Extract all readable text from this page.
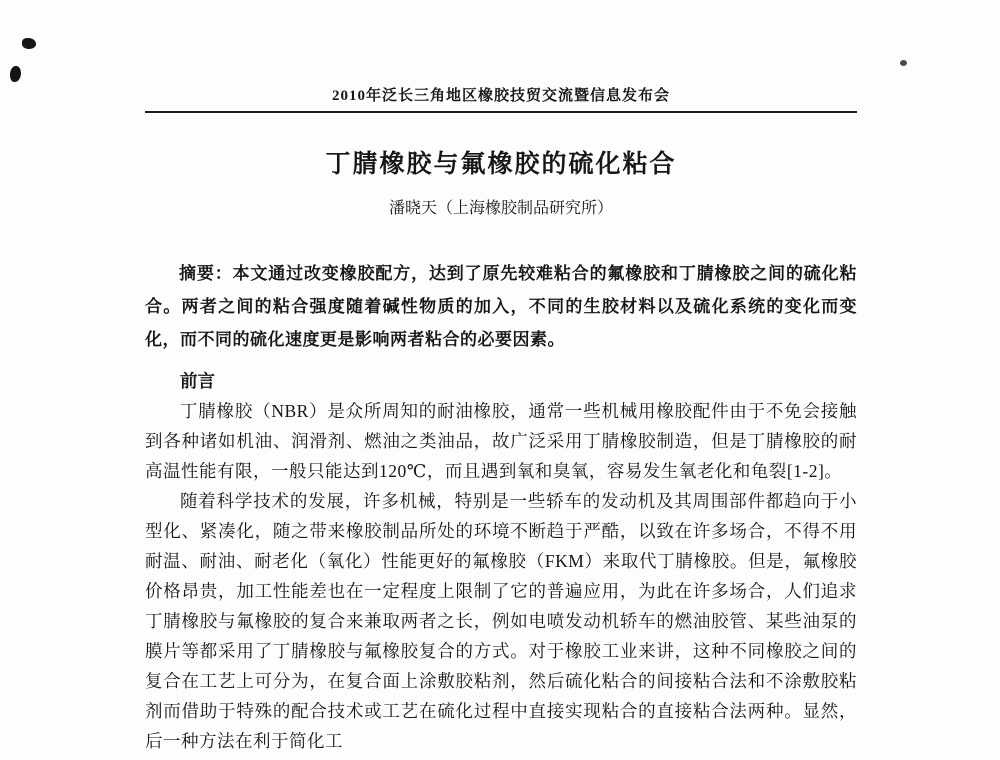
2010年泛长三角地区橡胶技贸交流暨信息发布会
丁腈橡胶与氟橡胶的硫化粘合
潘晓天（上海橡胶制品研究所）

摘要：本文通过改变橡胶配方，达到了原先较难粘合的氟橡胶和丁腈橡胶之间的硫化粘合。两者之间的粘合强度随着碱性物质的加入，不同的生胶材料以及硫化系统的变化而变化，而不同的硫化速度更是影响两者粘合的必要因素。

前言

丁腈橡胶（NBR）是众所周知的耐油橡胶，通常一些机械用橡胶配件由于不免会接触到各种诸如机油、润滑剂、燃油之类油品，故广泛采用丁腈橡胶制造，但是丁腈橡胶的耐高温性能有限，一般只能达到120℃，而且遇到氧和臭氧，容易发生氧老化和龟裂[1-2]。

随着科学技术的发展，许多机械，特别是一些轿车的发动机及其周围部件都趋向于小型化、紧凑化，随之带来橡胶制品所处的环境不断趋于严酷，以致在许多场合，不得不用耐温、耐油、耐老化（氧化）性能更好的氟橡胶（FKM）来取代丁腈橡胶。但是，氟橡胶价格昂贵，加工性能差也在一定程度上限制了它的普遍应用，为此在许多场合，人们追求丁腈橡胶与氟橡胶的复合来兼取两者之长，例如电喷发动机轿车的燃油胶管、某些油泵的膜片等都采用了丁腈橡胶与氟橡胶复合的方式。对于橡胶工业来讲，这种不同橡胶之间的复合在工艺上可分为，在复合面上涂敷胶粘剂，然后硫化粘合的间接粘合法和不涂敷胶粘剂而借助于特殊的配合技术或工艺在硫化过程中直接实现粘合的直接粘合法两种。显然，后一种方法在利于简化工
